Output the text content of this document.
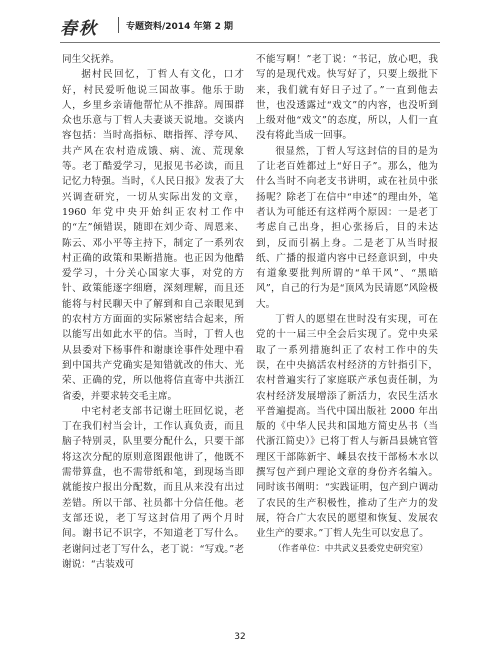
春秋	专题资料/2014 年第 2 期

同生父抚养。

据村民回忆，丁哲人有文化，口才好，村民爱听他说三国故事。他乐于助人，乡里乡亲请他帮忙从不推辞。周围群众也乐意与丁哲人夫妻谈天说地。交谈内容包括：当时高指标、瞎指挥、浮夸风、共产风在农村造成饿、病、流、荒现象等。老丁酷爱学习，见报见书必读，而且记忆力特强。当时，《人民日报》发表了大兴调查研究，一切从实际出发的文章，1960 年党中央开始纠正农村工作中的“左”倾错误，随即在刘少奇、周恩来、陈云、邓小平等主持下，制定了一系列农村正确的政策和果断措施。也正因为他酷爱学习，十分关心国家大事，对党的方针、政策能逐字细磨，深刻理解，而且还能将与村民聊天中了解到和自己亲眼见到的农村方方面面的实际紧密结合起来，所以能写出如此水平的信。当时，丁哲人也从县委对下杨事件和谢康诠事件处理中看到中国共产党确实是知错就改的伟大、光荣、正确的党，所以他将信直寄中共浙江省委，并要求转交毛主席。

中宅村老支部书记谢土旺回忆说，老丁在我们村当会计，工作认真负责，而且脑子特别灵，队里要分配什么，只要干部将这次分配的原则意图跟他讲了，他既不需带算盘，也不需带纸和笔，到现场当即就能按户报出分配数，而且从来没有出过差错。所以干部、社员都十分信任他。老支部还说，老丁写这封信用了两个月时间。谢书记不识字，不知道老丁写什么。老谢问过老丁写什么，老丁说：“写戏。”老谢说：“古装戏可

不能写啊！”老丁说：“书记，放心吧，我写的是现代戏。快写好了，只要上级批下来，我们就有好日子过了。”一直到他去世，也没透露过“戏文”的内容，也没听到上级对他“戏文”的态度，所以，人们一直没有将此当成一回事。

很显然，丁哲人写这封信的目的是为了让老百姓都过上“好日子”。那么，他为什么当时不向老支书讲明，或在社员中张扬呢？除老丁在信中“申述”的理由外，笔者认为可能还有这样两个原因：一是老丁考虑自己出身，担心张扬后，目的未达到，反而引祸上身。二是老丁从当时报纸、广播的报道内容中已经意识到，中央有道象要批判所谓的“单干风”、“黑暗风”，自己的行为是“顶风为民请愿”风险极大。

丁哲人的愿望在世时没有实现，可在党的十一届三中全会后实现了。党中央采取了一系列措施纠正了农村工作中的失误，在中央搞活农村经济的方针指引下，农村普遍实行了家庭联产承包责任制，为农村经济发展增添了新活力，农民生活水平普遍提高。当代中国出版社 2000 年出版的《中华人民共和国地方简史丛书（当代浙江简史）》已将丁哲人与新昌县姚官管理区干部陈新宇、嵊县农技干部杨木水以撰写包产到户理论文章的身份齐名编入。同时该书阐明：“实践证明，包产到户调动了农民的生产积极性，推动了生产力的发展，符合广大农民的愿望和恢复、发展农业生产的要求。”丁哲人先生可以安息了。

（作者单位：中共武义县委党史研究室）

32
